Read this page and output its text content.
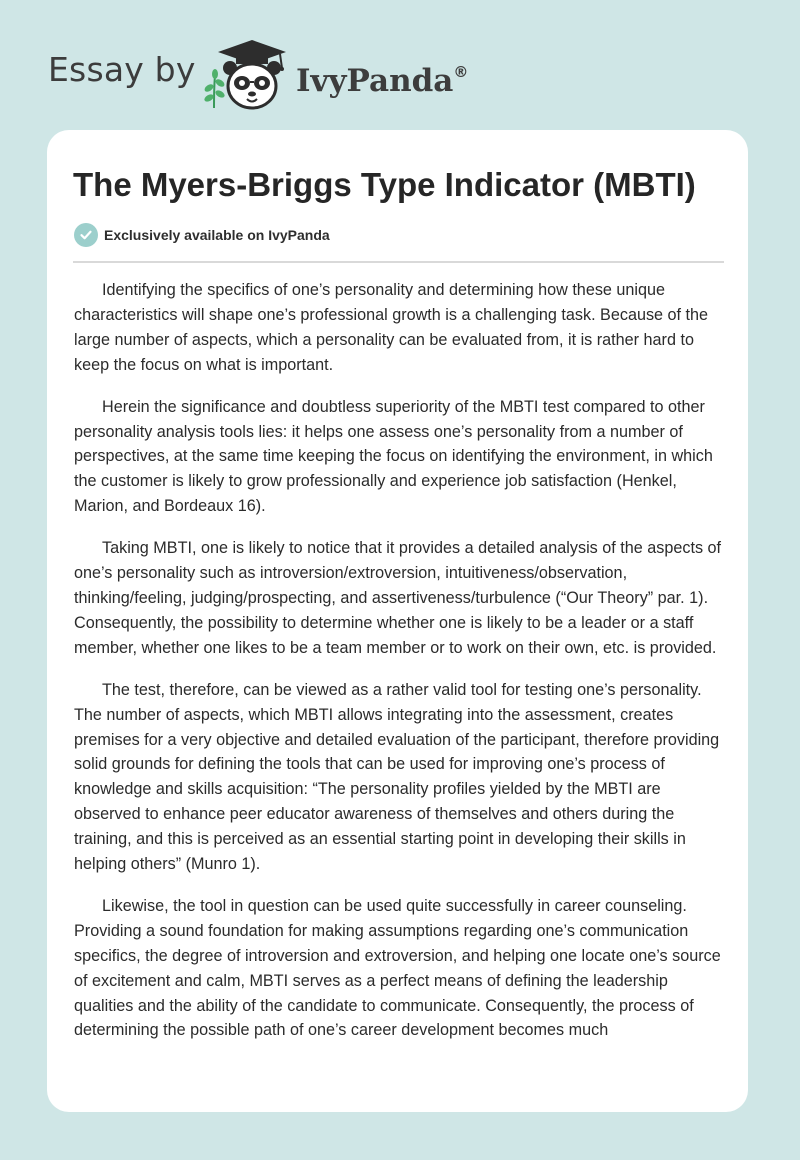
Essay by	IvyPanda®
The Myers-Briggs Type Indicator (MBTI)
Exclusively available on IvyPanda

Identifying the specifics of one’s personality and determining how these unique characteristics will shape one’s professional growth is a challenging task. Because of the large number of aspects, which a personality can be evaluated from, it is rather hard to keep the focus on what is important.

Herein the significance and doubtless superiority of the MBTI test compared to other personality analysis tools lies: it helps one assess one’s personality from a number of perspectives, at the same time keeping the focus on identifying the environment, in which the customer is likely to grow professionally and experience job satisfaction (Henkel, Marion, and Bordeaux 16).

Taking MBTI, one is likely to notice that it provides a detailed analysis of the aspects of one’s personality such as introversion/extroversion, intuitiveness/observation, thinking/feeling, judging/prospecting, and assertiveness/turbulence (“Our Theory” par. 1). Consequently, the possibility to determine whether one is likely to be a leader or a staff member, whether one likes to be a team member or to work on their own, etc. is provided.

The test, therefore, can be viewed as a rather valid tool for testing one’s personality. The number of aspects, which MBTI allows integrating into the assessment, creates premises for a very objective and detailed evaluation of the participant, therefore providing solid grounds for defining the tools that can be used for improving one’s process of knowledge and skills acquisition: “The personality profiles yielded by the MBTI are observed to enhance peer educator awareness of themselves and others during the training, and this is perceived as an essential starting point in developing their skills in helping others” (Munro 1).

Likewise, the tool in question can be used quite successfully in career counseling. Providing a sound foundation for making assumptions regarding one’s communication specifics, the degree of introversion and extroversion, and helping one locate one’s source of excitement and calm, MBTI serves as a perfect means of defining the leadership qualities and the ability of the candidate to communicate. Consequently, the process of determining the possible path of one’s career development becomes much
